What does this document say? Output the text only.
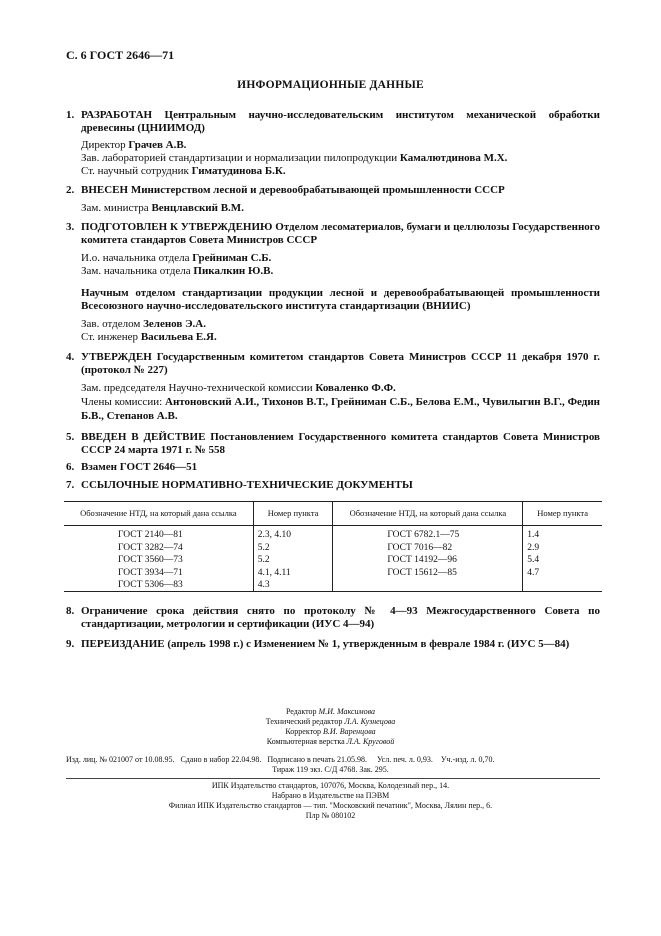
С. 6 ГОСТ 2646—71
ИНФОРМАЦИОННЫЕ ДАННЫЕ
1. РАЗРАБОТАН Центральным научно-исследовательским институтом механической обработки древесины (ЦНИИМОД)
Директор Грачев А.В.
Зав. лабораторией стандартизации и нормализации пилопродукции Камалютдинова М.Х.
Ст. научный сотрудник Гиматудинова Б.К.
2. ВНЕСЕН Министерством лесной и деревообрабатывающей промышленности СССР
Зам. министра Венцлавский В.М.
3. ПОДГОТОВЛЕН К УТВЕРЖДЕНИЮ Отделом лесоматериалов, бумаги и целлюлозы Государственного комитета стандартов Совета Министров СССР
И.о. начальника отдела Грейниман С.Б.
Зам. начальника отдела Пикалкин Ю.В.
Научным отделом стандартизации продукции лесной и деревообрабатывающей промышленности Всесоюзного научно-исследовательского института стандартизации (ВНИИС)
Зав. отделом Зеленов Э.А.
Ст. инженер Васильева Е.Я.
4. УТВЕРЖДЕН Государственным комитетом стандартов Совета Министров СССР 11 декабря 1970 г. (протокол № 227)
Зам. председателя Научно-технической комиссии Коваленко Ф.Ф.
Члены комиссии: Антоновский А.И., Тихонов В.Т., Грейниман С.Б., Белова Е.М., Чувилыгин В.Г., Федин Б.В., Степанов А.В.
5. ВВЕДЕН В ДЕЙСТВИЕ Постановлением Государственного комитета стандартов Совета Министров СССР 24 марта 1971 г. № 558
6. Взамен ГОСТ 2646—51
7. ССЫЛОЧНЫЕ НОРМАТИВНО-ТЕХНИЧЕСКИЕ ДОКУМЕНТЫ
Обозначение НТД, на который дана ссылка	Номер пункта	Обозначение НТД, на который дана ссылка	Номер пункта
ГОСТ 2140—81	2.3, 4.10	ГОСТ 6782.1—75	1.4
ГОСТ 3282—74	5.2	ГОСТ 7016—82	2.9
ГОСТ 3560—73	5.2	ГОСТ 14192—96	5.4
ГОСТ 3934—71	4.1, 4.11	ГОСТ 15612—85	4.7
ГОСТ 5306—83	4.3		
8. Ограничение срока действия снято по протоколу № 4—93 Межгосударственного Совета по стандартизации, метрологии и сертификации (ИУС 4—94)
9. ПЕРЕИЗДАНИЕ (апрель 1998 г.) с Изменением № 1, утвержденным в феврале 1984 г. (ИУС 5—84)
Редактор М.И. Максимова
Технический редактор Л.А. Кузнецова
Корректор В.И. Варенцова
Компьютерная верстка Л.А. Круговой
Изд. лиц. № 021007 от 10.08.95.   Сдано в набор 22.04.98.   Подписано в печать 21.05.98.     Усл. печ. л. 0,93.    Уч.-изд. л. 0,70.
Тираж 119 экз. С/Д 4768. Зак. 295.
ИПК Издательство стандартов, 107076, Москва, Колодезный пер., 14.
Набрано в Издательстве на ПЭВМ
Филиал ИПК Издательство стандартов — тип. "Московский печатник", Москва, Лялин пер., 6.
Плр № 080102
